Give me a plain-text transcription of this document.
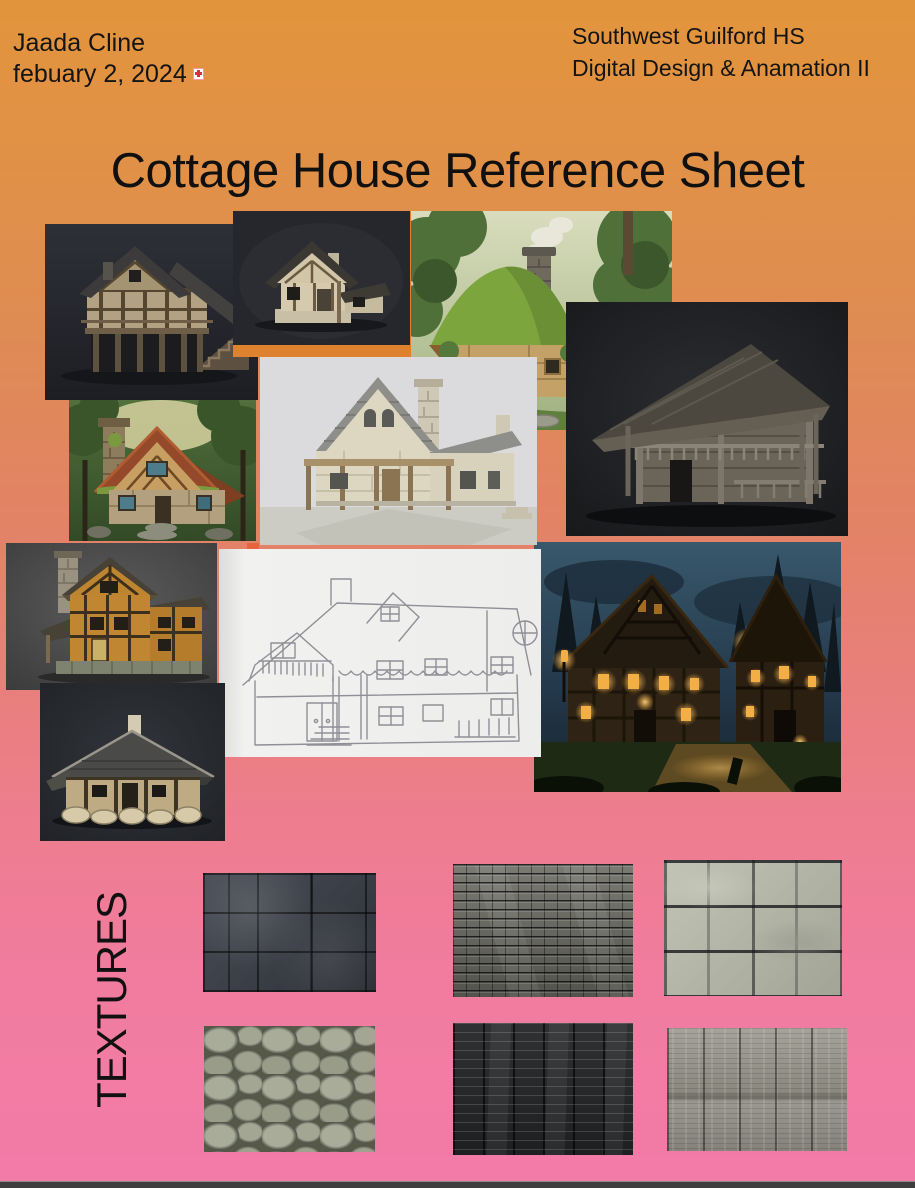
Jaada Cline
febuary 2, 2024
Southwest Guilford HS
Digital Design & Anamation II
Cottage House Reference Sheet
TEXTURES
